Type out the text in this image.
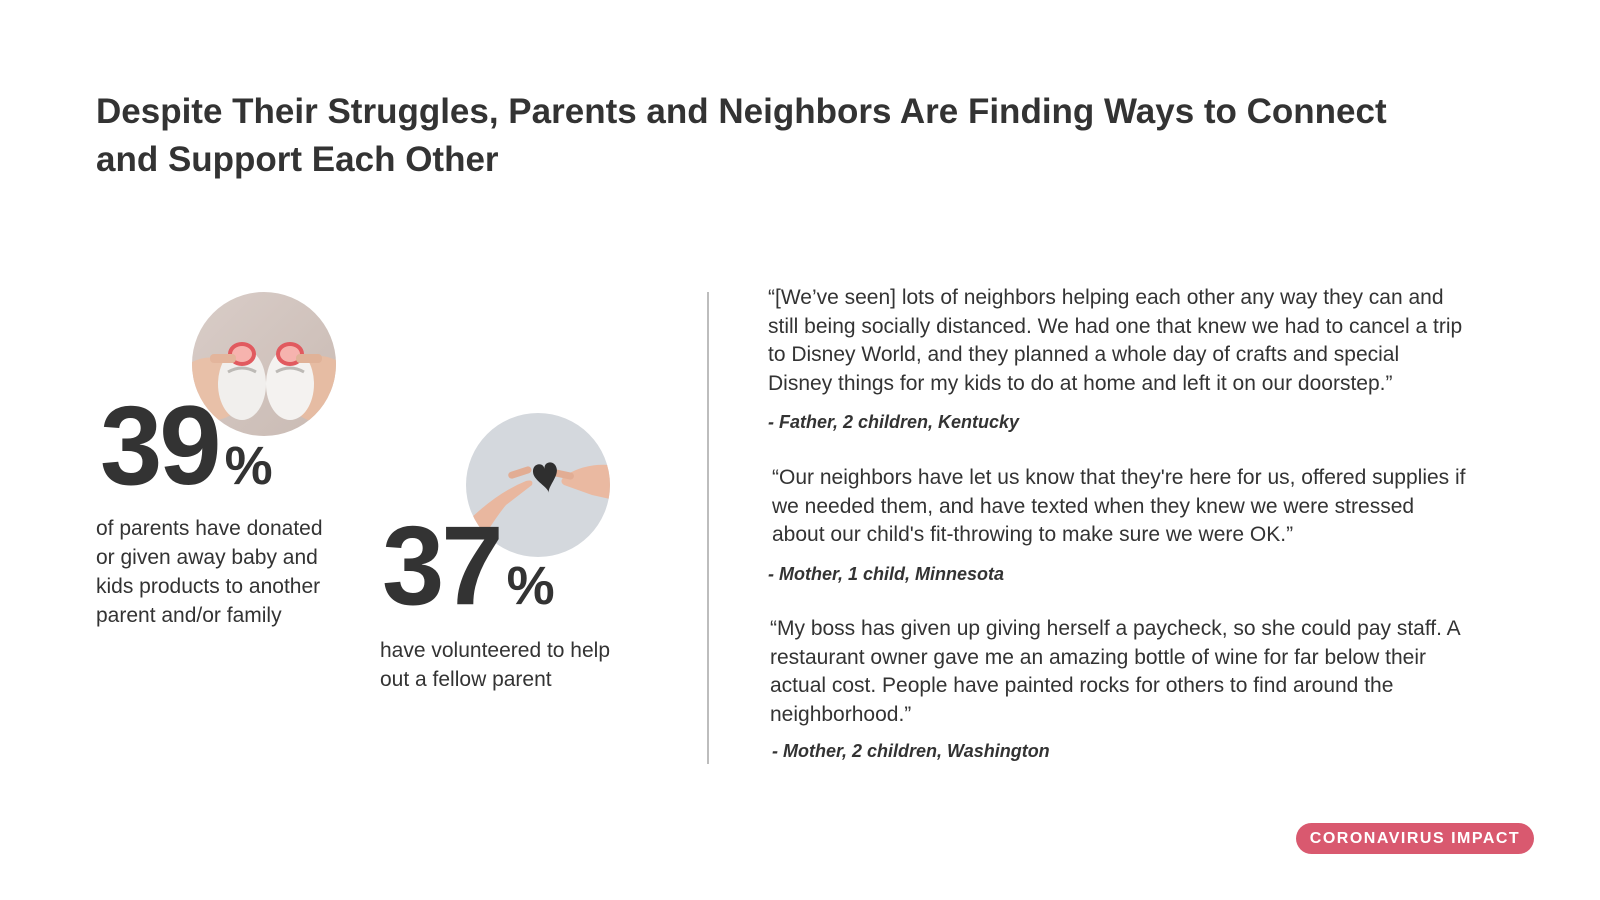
Despite Their Struggles, Parents and Neighbors Are Finding Ways to Connect and Support Each Other
39 %

of parents have donated or given away baby and kids products to another parent and/or family 37 %

have volunteered to help out a fellow parent

“[We’ve seen] lots of neighbors helping each other any way they can and still being socially distanced. We had one that knew we had to cancel a trip to Disney World, and they planned a whole day of crafts and special Disney things for my kids to do at home and left it on our doorstep.”

- Father, 2 children, Kentucky

“Our neighbors have let us know that they're here for us, offered supplies if we needed them, and have texted when they knew we were stressed about our child's fit-throwing to make sure we were OK.”

- Mother, 1 child, Minnesota

“My boss has given up giving herself a paycheck, so she could pay staff. A restaurant owner gave me an amazing bottle of wine for far below their actual cost. People have painted rocks for others to find around the neighborhood.”

- Mother, 2 children, Washington

CORONAVIRUS IMPACT
